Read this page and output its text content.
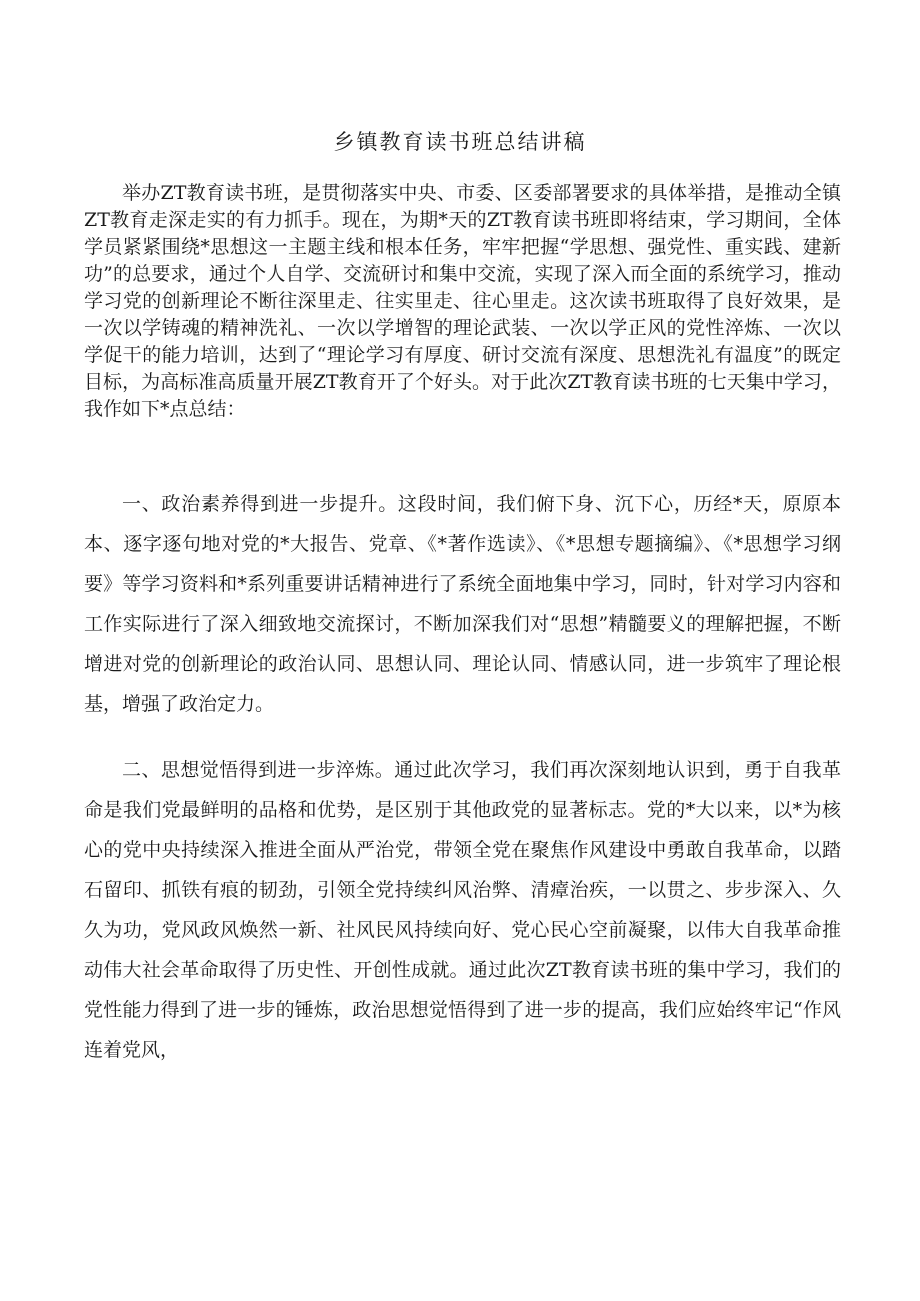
乡镇教育读书班总结讲稿

举办ZT教育读书班，是贯彻落实中央、市委、区委部署要求的具体举措，是推动全镇ZT教育走深走实的有力抓手。现在，为期*天的ZT教育读书班即将结束，学习期间，全体学员紧紧围绕*思想这一主题主线和根本任务，牢牢把握“学思想、强党性、重实践、建新功”的总要求，通过个人自学、交流研讨和集中交流，实现了深入而全面的系统学习，推动学习党的创新理论不断往深里走、往实里走、往心里走。这次读书班取得了良好效果，是一次以学铸魂的精神洗礼、一次以学增智的理论武装、一次以学正风的党性淬炼、一次以学促干的能力培训，达到了“理论学习有厚度、研讨交流有深度、思想洗礼有温度”的既定目标，为高标准高质量开展ZT教育开了个好头。对于此次ZT教育读书班的七天集中学习，我作如下*点总结：

一、政治素养得到进一步提升。这段时间，我们俯下身、沉下心，历经*天，原原本本、逐字逐句地对党的*大报告、党章、《*著作选读》、《*思想专题摘编》、《*思想学习纲要》等学习资料和*系列重要讲话精神进行了系统全面地集中学习，同时，针对学习内容和工作实际进行了深入细致地交流探讨，不断加深我们对“思想”精髓要义的理解把握，不断增进对党的创新理论的政治认同、思想认同、理论认同、情感认同，进一步筑牢了理论根基，增强了政治定力。

二、思想觉悟得到进一步淬炼。通过此次学习，我们再次深刻地认识到，勇于自我革命是我们党最鲜明的品格和优势，是区别于其他政党的显著标志。党的*大以来，以*为核心的党中央持续深入推进全面从严治党，带领全党在聚焦作风建设中勇敢自我革命，以踏石留印、抓铁有痕的韧劲，引领全党持续纠风治弊、清瘴治疾，一以贯之、步步深入、久久为功，党风政风焕然一新、社风民风持续向好、党心民心空前凝聚，以伟大自我革命推动伟大社会革命取得了历史性、开创性成就。通过此次ZT教育读书班的集中学习，我们的党性能力得到了进一步的锤炼，政治思想觉悟得到了进一步的提高，我们应始终牢记“作风连着党风，
